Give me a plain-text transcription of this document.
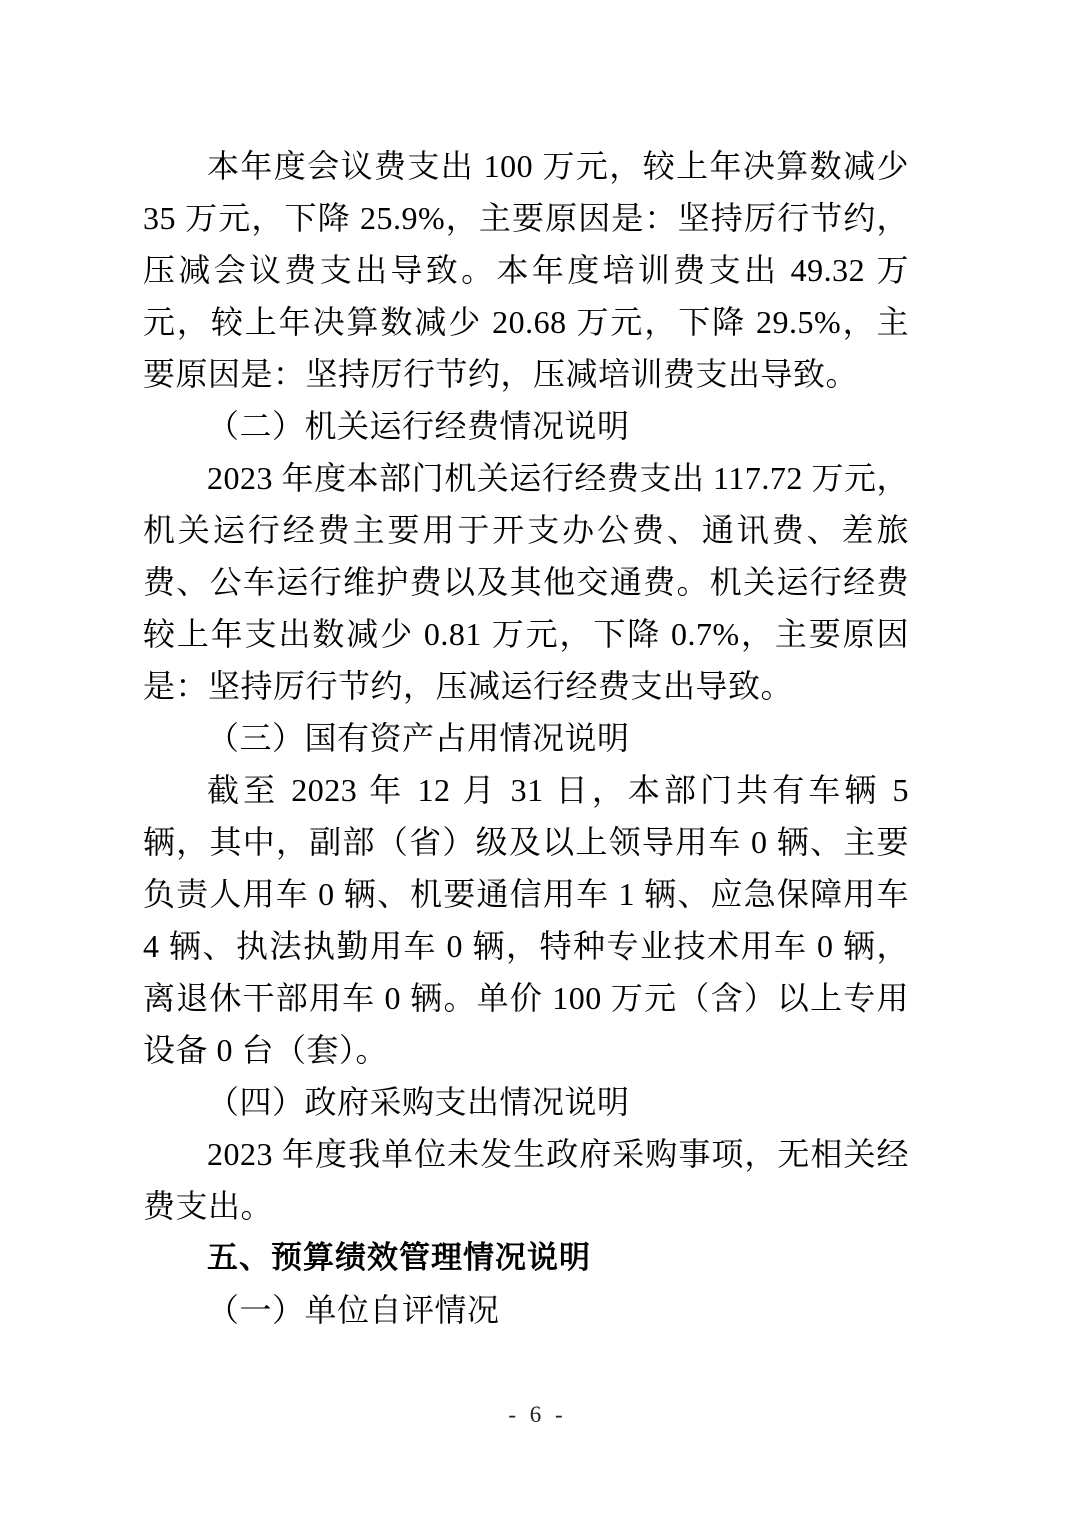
本年度会议费支出 100 万元，较上年决算数减少 35 万元，下降 25.9%，主要原因是：坚持厉行节约，压减会议费支出导致。本年度培训费支出 49.32 万元，较上年决算数减少 20.68 万元，下降 29.5%，主要原因是：坚持厉行节约，压减培训费支出导致。

（二）机关运行经费情况说明

2023 年度本部门机关运行经费支出 117.72 万元，机关运行经费主要用于开支办公费、通讯费、差旅费、公车运行维护费以及其他交通费。机关运行经费较上年支出数减少 0.81 万元，下降 0.7%，主要原因是：坚持厉行节约，压减运行经费支出导致。

（三）国有资产占用情况说明

截至 2023 年 12 月 31 日，本部门共有车辆 5 辆，其中，副部（省）级及以上领导用车 0 辆、主要负责人用车 0 辆、机要通信用车 1 辆、应急保障用车 4 辆、执法执勤用车 0 辆，特种专业技术用车 0 辆，离退休干部用车 0 辆。单价 100 万元（含）以上专用设备 0 台（套）。

（四）政府采购支出情况说明

2023 年度我单位未发生政府采购事项，无相关经费支出。

五、预算绩效管理情况说明

（一）单位自评情况

- 6 -
